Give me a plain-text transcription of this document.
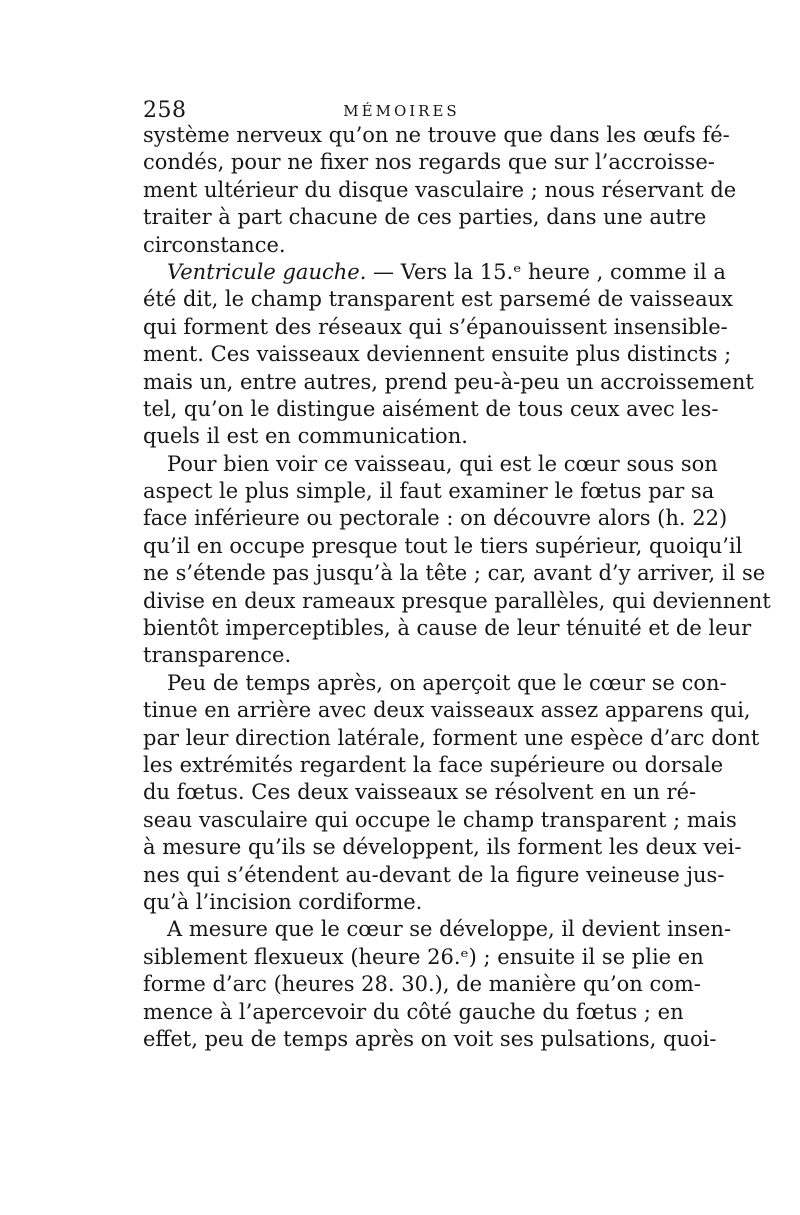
258	MÉMOIRES
système nerveux qu’on ne trouve que dans les œufs fé-
condés, pour ne fixer nos regards que sur l’accroisse-
ment ultérieur du disque vasculaire ; nous réservant de
traiter à part chacune de ces parties, dans une autre
circonstance.
Ventricule gauche. — Vers la 15.ᵉ heure , comme il a
été dit, le champ transparent est parsemé de vaisseaux
qui forment des réseaux qui s’épanouissent insensible-
ment. Ces vaisseaux deviennent ensuite plus distincts ;
mais un, entre autres, prend peu-à-peu un accroissement
tel, qu’on le distingue aisément de tous ceux avec les-
quels il est en communication.
Pour bien voir ce vaisseau, qui est le cœur sous son
aspect le plus simple, il faut examiner le fœtus par sa
face inférieure ou pectorale : on découvre alors (h. 22)
qu’il en occupe presque tout le tiers supérieur, quoiqu’il
ne s’étende pas jusqu’à la tête ; car, avant d’y arriver, il se
divise en deux rameaux presque parallèles, qui deviennent
bientôt imperceptibles, à cause de leur ténuité et de leur
transparence.
Peu de temps après, on aperçoit que le cœur se con-
tinue en arrière avec deux vaisseaux assez apparens qui,
par leur direction latérale, forment une espèce d’arc dont
les extrémités regardent la face supérieure ou dorsale
du fœtus. Ces deux vaisseaux se résolvent en un ré-
seau vasculaire qui occupe le champ transparent ; mais
à mesure qu’ils se développent, ils forment les deux vei-
nes qui s’étendent au-devant de la figure veineuse jus-
qu’à l’incision cordiforme.
A mesure que le cœur se développe, il devient insen-
siblement flexueux (heure 26.ᵉ) ; ensuite il se plie en
forme d’arc (heures 28. 30.), de manière qu’on com-
mence à l’apercevoir du côté gauche du fœtus ; en
effet, peu de temps après on voit ses pulsations, quoi-
